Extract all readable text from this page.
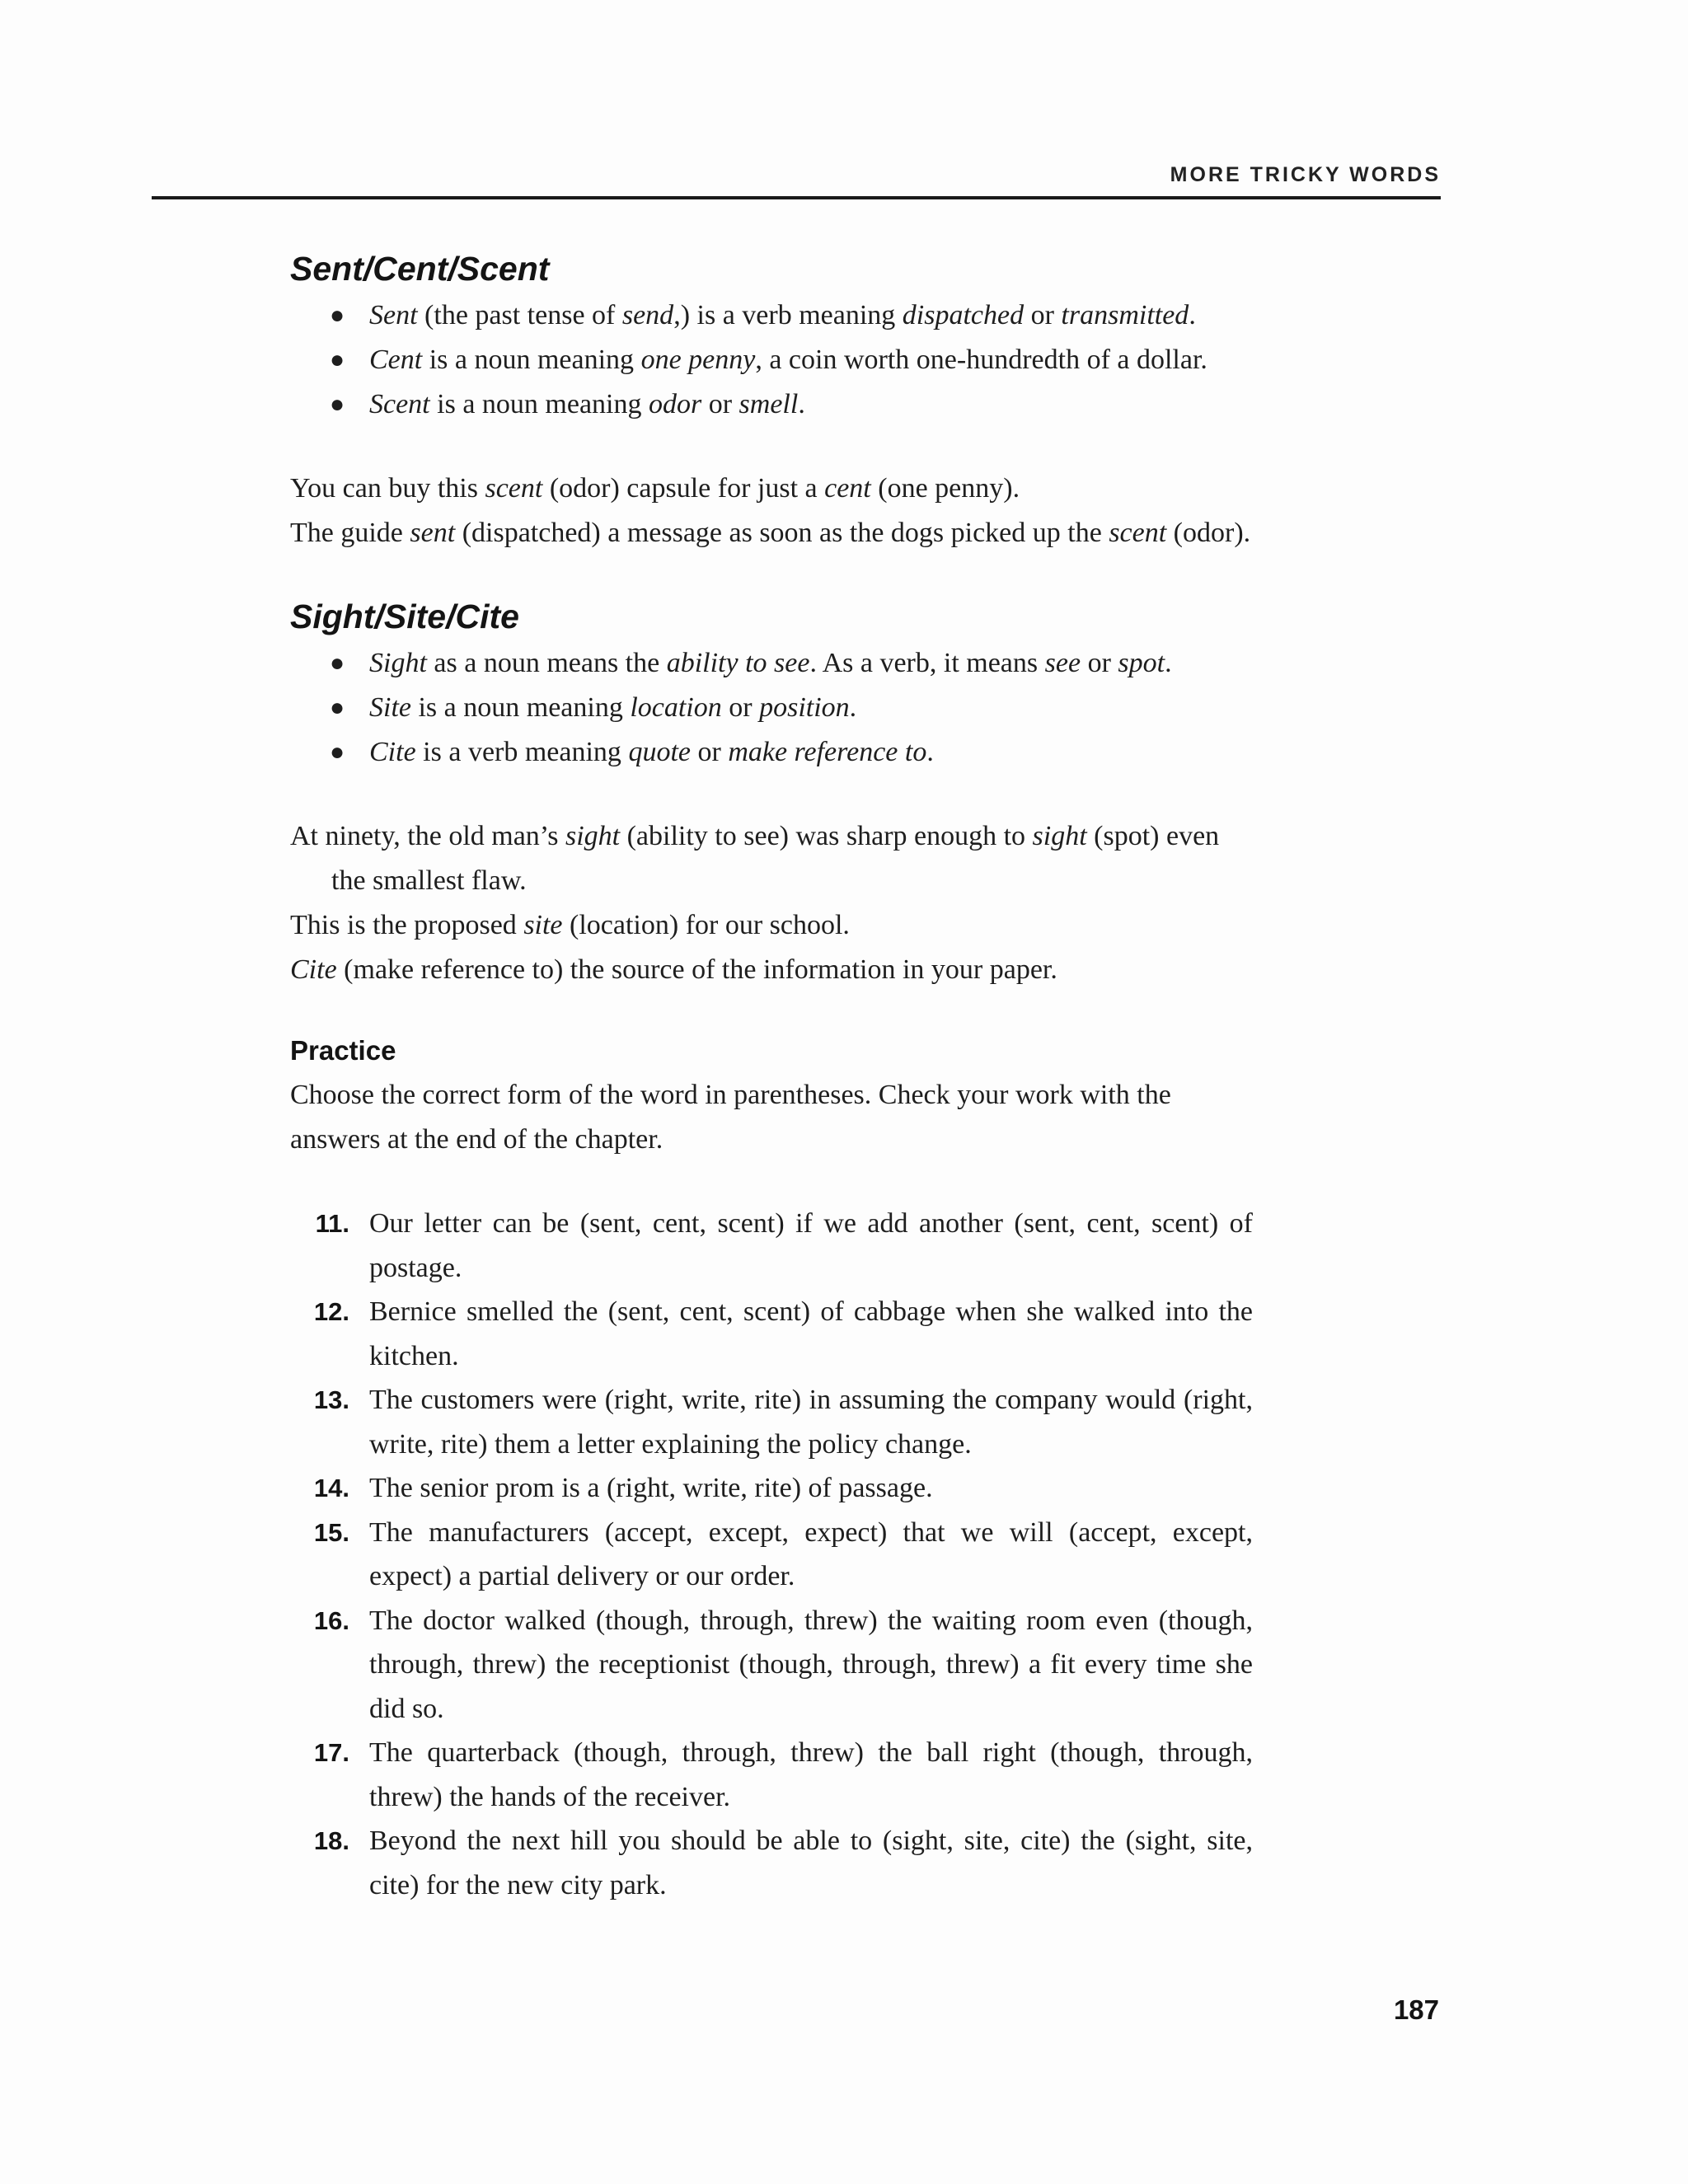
MORE TRICKY WORDS
Sent/Cent/Scent
● Sent (the past tense of send,) is a verb meaning dispatched or transmitted.
● Cent is a noun meaning one penny, a coin worth one-hundredth of a dollar.
● Scent is a noun meaning odor or smell.

You can buy this scent (odor) capsule for just a cent (one penny).

The guide sent (dispatched) a message as soon as the dogs picked up the scent (odor).

Sight/Site/Cite
● Sight as a noun means the ability to see. As a verb, it means see or spot.
● Site is a noun meaning location or position.
● Cite is a verb meaning quote or make reference to.

At ninety, the old man’s sight (ability to see) was sharp enough to sight (spot) even the smallest flaw.

This is the proposed site (location) for our school.

Cite (make reference to) the source of the information in your paper.

Practice
Choose the correct form of the word in parentheses. Check your work with the answers at the end of the chapter.
11. Our letter can be (sent, cent, scent) if we add another (sent, cent, scent) of postage.
12. Bernice smelled the (sent, cent, scent) of cabbage when she walked into the kitchen.
13. The customers were (right, write, rite) in assuming the company would (right, write, rite) them a letter explaining the policy change.
14. The senior prom is a (right, write, rite) of passage.
15. The manufacturers (accept, except, expect) that we will (accept, except, expect) a partial delivery or our order.
16. The doctor walked (though, through, threw) the waiting room even (though, through, threw) the receptionist (though, through, threw) a fit every time she did so.
17. The quarterback (though, through, threw) the ball right (though, through, threw) the hands of the receiver.
18. Beyond the next hill you should be able to (sight, site, cite) the (sight, site, cite) for the new city park.
187
